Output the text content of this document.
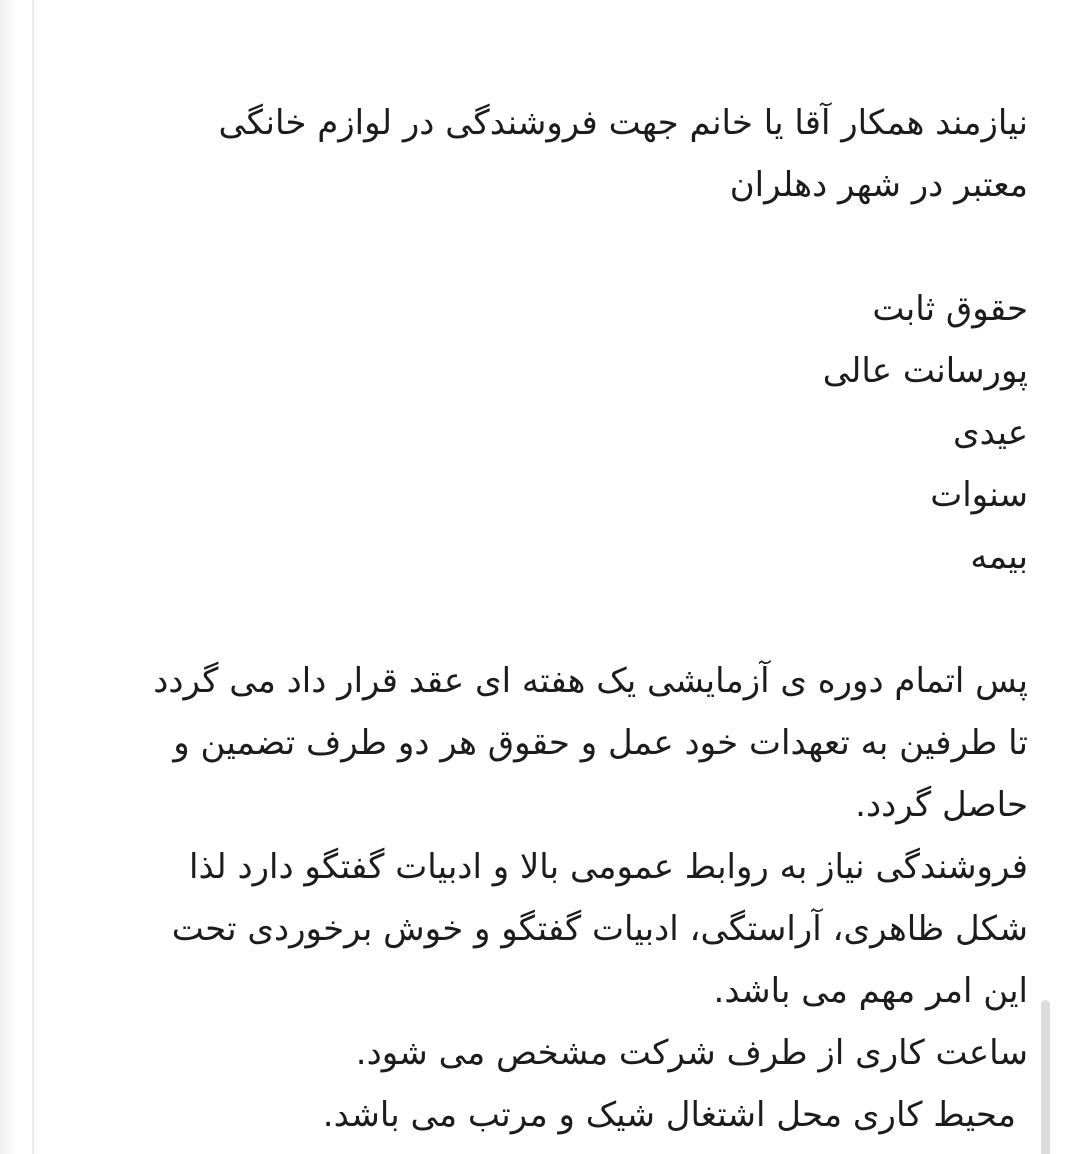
نیازمند همکار آقا یا خانم جهت فروشندگی در لوازم خانگی
معتبر در شهر دهلران
حقوق ثابت
پورسانت عالی
عیدی
سنوات
بیمه
پس اتمام دوره ی آزمایشی یک هفته ای عقد قرار داد می گردد
تا طرفین به تعهدات خود عمل و حقوق هر دو طرف تضمین و
حاصل گردد.
فروشندگی نیاز به روابط عمومی بالا و ادبیات گفتگو دارد لذا
شکل ظاهری، آراستگی، ادبیات گفتگو و خوش برخوردی تحت
این امر مهم می باشد.
ساعت کاری از طرف شرکت مشخص می شود.
محیط کاری محل اشتغال شیک و مرتب می باشد.
